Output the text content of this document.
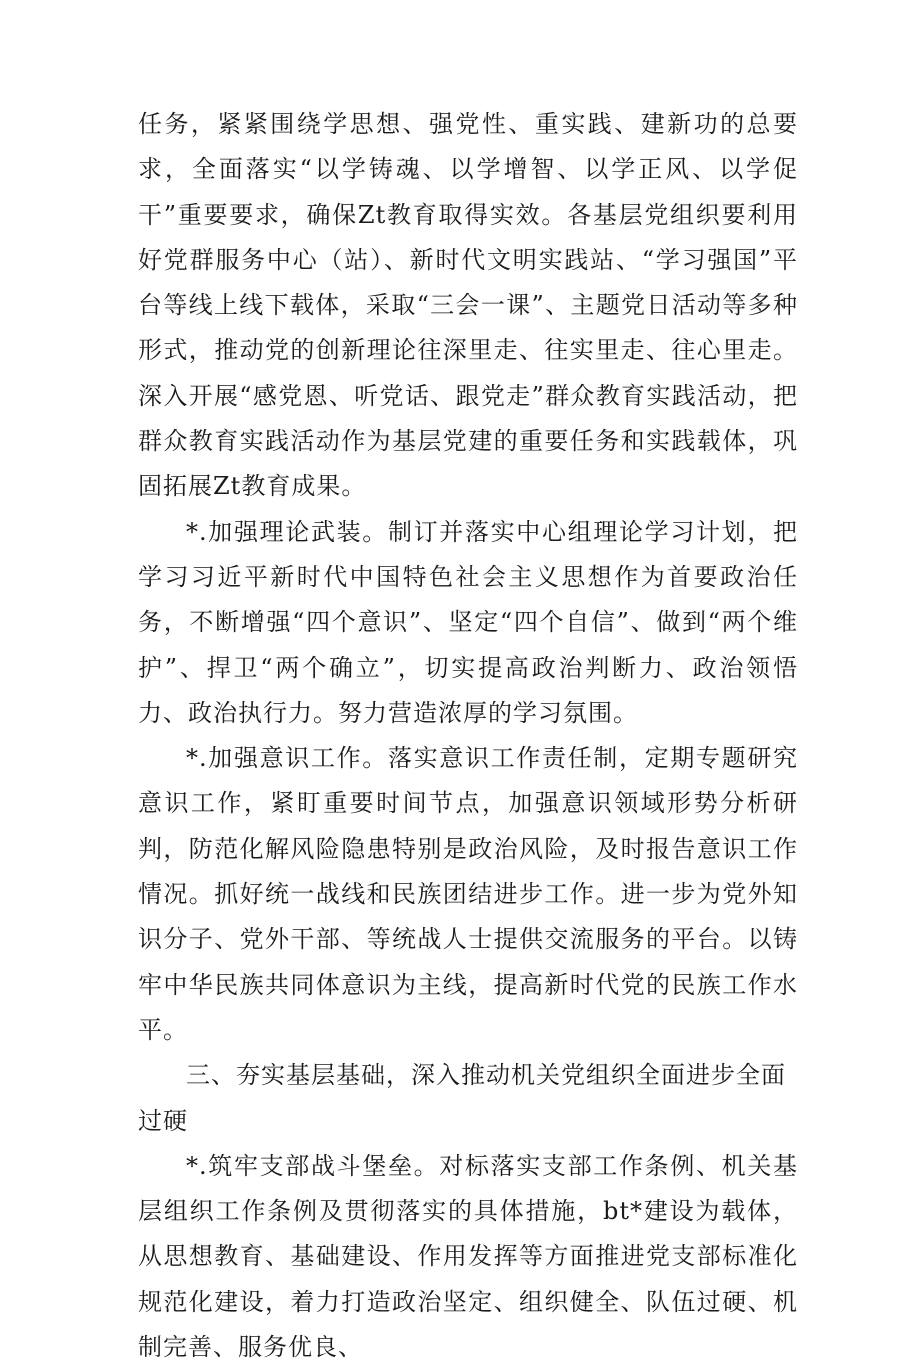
任务，紧紧围绕学思想、强党性、重实践、建新功的总要求，全面落实“以学铸魂、以学增智、以学正风、以学促干”重要要求，确保Zt教育取得实效。各基层党组织要利用好党群服务中心（站）、新时代文明实践站、“学习强国”平台等线上线下载体，采取“三会一课”、主题党日活动等多种形式，推动党的创新理论往深里走、往实里走、往心里走。深入开展“感党恩、听党话、跟党走”群众教育实践活动，把群众教育实践活动作为基层党建的重要任务和实践载体，巩固拓展Zt教育成果。

*.加强理论武装。制订并落实中心组理论学习计划，把学习习近平新时代中国特色社会主义思想作为首要政治任务，不断增强“四个意识”、坚定“四个自信”、做到“两个维护”、捍卫“两个确立”，切实提高政治判断力、政治领悟力、政治执行力。努力营造浓厚的学习氛围。

*.加强意识工作。落实意识工作责任制，定期专题研究意识工作，紧盯重要时间节点，加强意识领域形势分析研判，防范化解风险隐患特别是政治风险，及时报告意识工作情况。抓好统一战线和民族团结进步工作。进一步为党外知识分子、党外干部、等统战人士提供交流服务的平台。以铸牢中华民族共同体意识为主线，提高新时代党的民族工作水平。

三、夯实基层基础，深入推动机关党组织全面进步全面过硬

*.筑牢支部战斗堡垒。对标落实支部工作条例、机关基层组织工作条例及贯彻落实的具体措施，bt*建设为载体，从思想教育、基础建设、作用发挥等方面推进党支部标准化规范化建设，着力打造政治坚定、组织健全、队伍过硬、机制完善、服务优良、
